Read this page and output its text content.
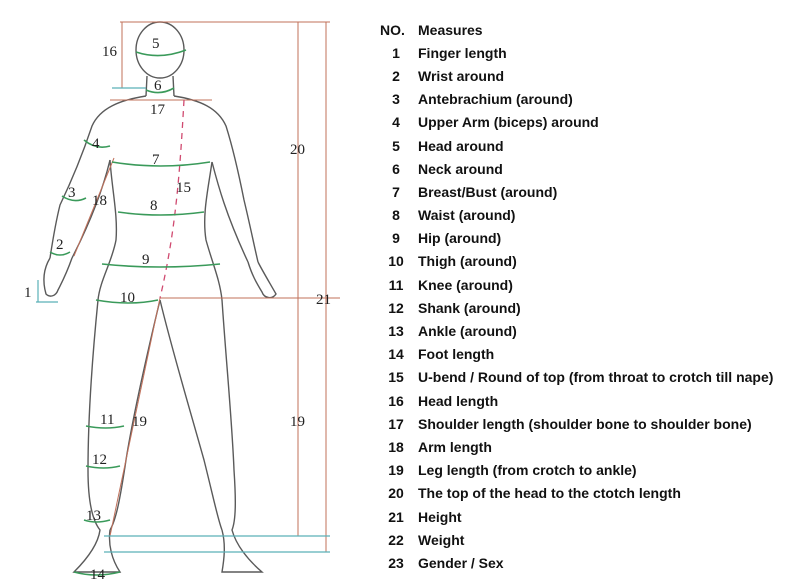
1
2
3
4
5
6
7
8
9
10
11
12
13
14
15
16
17
18
19	19
20
21
NO. Measures
1	Finger length
2	Wrist around
3	Antebrachium (around)
4	Upper Arm (biceps) around
5	Head around
6	Neck around
7	Breast/Bust (around)
8	Waist (around)
9	Hip (around)
10	Thigh (around)
11	Knee (around)
12	Shank (around)
13	Ankle (around)
14	Foot length
15	U-bend / Round of top (from throat to crotch till nape)
16	Head length
17	Shoulder length (shoulder bone to shoulder bone)
18	Arm length
19	Leg length (from crotch to ankle)
20	The top of the head to the ctotch length
21	Height
22	Weight
23	Gender / Sex
